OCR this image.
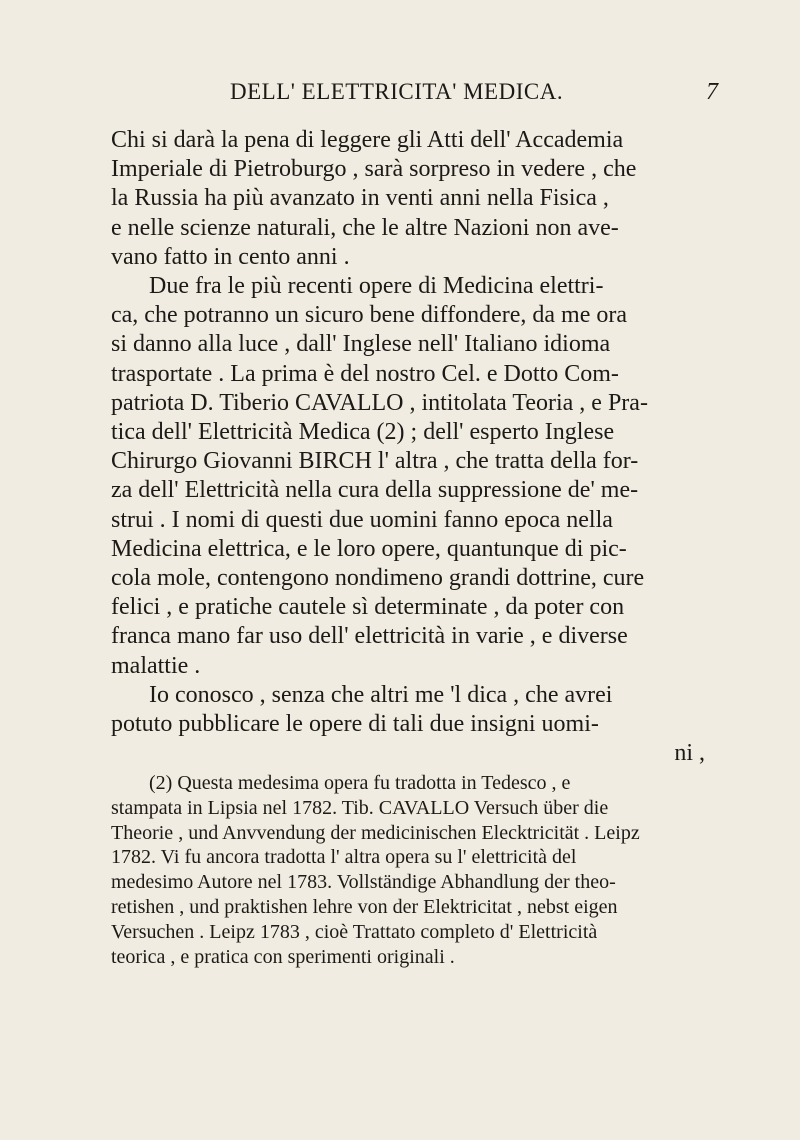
DELL' ELETTRICITA' MEDICA.	7

Chi si darà la pena di leggere gli Atti dell' Accademia
Imperiale di Pietroburgo , sarà sorpreso in vedere , che
la Russia ha più avanzato in venti anni nella Fisica ,
e nelle scienze naturali, che le altre Nazioni non ave-
vano fatto in cento anni .

Due fra le più recenti opere di Medicina elettri-
ca, che potranno un sicuro bene diffondere, da me ora
si danno alla luce , dall' Inglese nell' Italiano idioma
trasportate . La prima è del nostro Cel. e Dotto Com-
patriota D. Tiberio CAVALLO , intitolata Teoria , e Pra-
tica dell' Elettricità Medica (2) ; dell' esperto Inglese
Chirurgo Giovanni BIRCH l' altra , che tratta della for-
za dell' Elettricità nella cura della suppressione de' me-
strui . I nomi di questi due uomini fanno epoca nella
Medicina elettrica, e le loro opere, quantunque di pic-
cola mole, contengono nondimeno grandi dottrine, cure
felici , e pratiche cautele sì determinate , da poter con
franca mano far uso dell' elettricità in varie , e diverse
malattie .

Io conosco , senza che altri me 'l dica , che avrei
potuto pubblicare le opere di tali due insigni uomi-
ni ,

(2) Questa medesima opera fu tradotta in Tedesco , e
stampata in Lipsia nel 1782. Tib. CAVALLO Versuch über die
Theorie , und Anvvendung der medicinischen Elecktricität . Leipz
1782. Vi fu ancora tradotta l' altra opera su l' elettricità del
medesimo Autore nel 1783. Vollständige Abhandlung der theo-
retishen , und praktishen lehre von der Elektricitat , nebst eigen
Versuchen . Leipz 1783 , cioè Trattato completo d' Elettricità
teorica , e pratica con sperimenti originali .
